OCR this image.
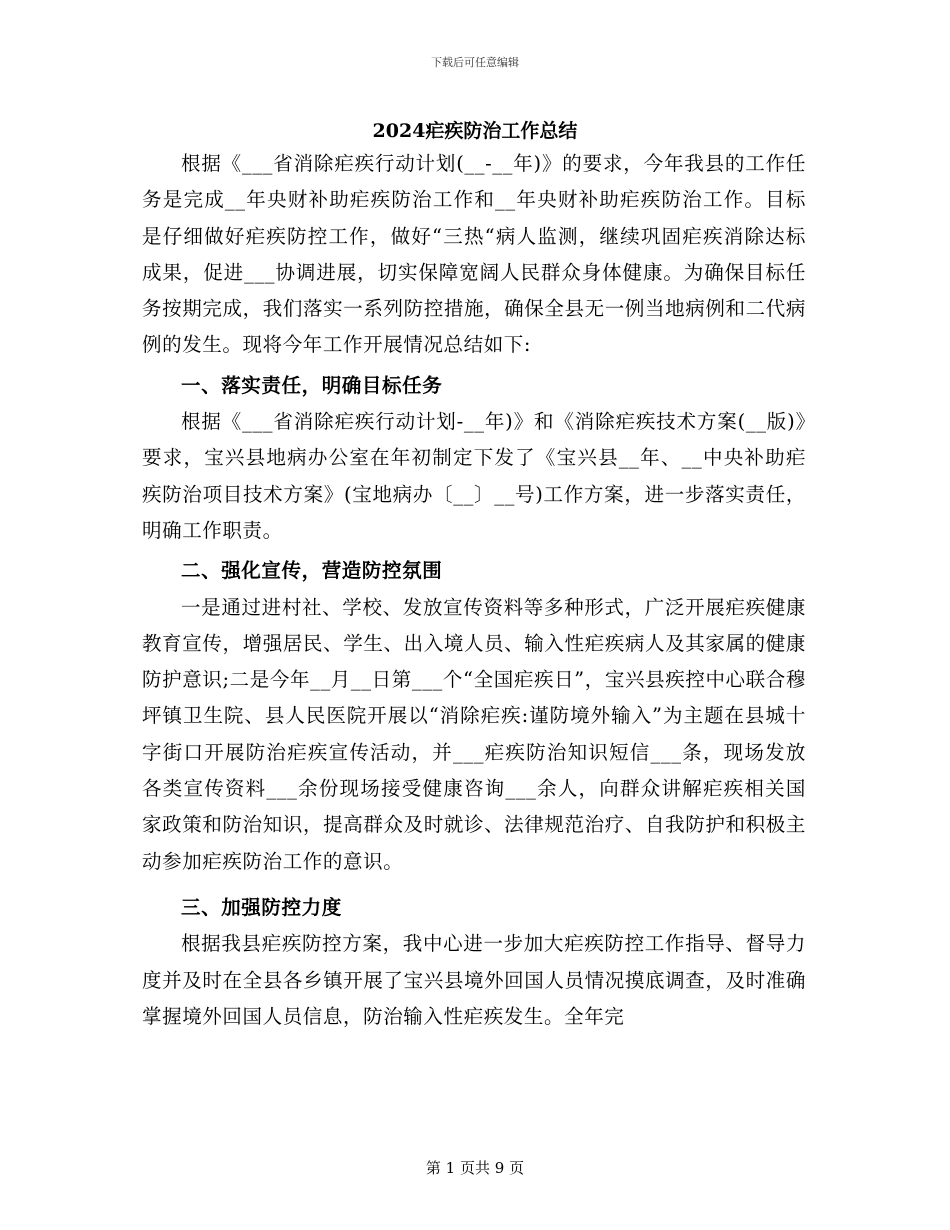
下载后可任意编辑
2024疟疾防治工作总结

根据《___省消除疟疾行动计划(__-__年)》的要求，今年我县的工作任务是完成__年央财补助疟疾防治工作和__年央财补助疟疾防治工作。目标是仔细做好疟疾防控工作，做好“三热“病人监测，继续巩固疟疾消除达标成果，促进___协调进展，切实保障宽阔人民群众身体健康。为确保目标任务按期完成，我们落实一系列防控措施，确保全县无一例当地病例和二代病例的发生。现将今年工作开展情况总结如下:

一、落实责任，明确目标任务

根据《___省消除疟疾行动计划-__年)》和《消除疟疾技术方案(__版)》要求，宝兴县地病办公室在年初制定下发了《宝兴县__年、__中央补助疟疾防治项目技术方案》(宝地病办〔__〕__号)工作方案，进一步落实责任，明确工作职责。

二、强化宣传，营造防控氛围

一是通过进村社、学校、发放宣传资料等多种形式，广泛开展疟疾健康教育宣传，增强居民、学生、出入境人员、输入性疟疾病人及其家属的健康防护意识;二是今年__月__日第___个“全国疟疾日”，宝兴县疾控中心联合穆坪镇卫生院、县人民医院开展以“消除疟疾:谨防境外输入”为主题在县城十字街口开展防治疟疾宣传活动，并___疟疾防治知识短信___条，现场发放各类宣传资料___余份现场接受健康咨询___余人，向群众讲解疟疾相关国家政策和防治知识，提高群众及时就诊、法律规范治疗、自我防护和积极主动参加疟疾防治工作的意识。

三、加强防控力度

根据我县疟疾防控方案，我中心进一步加大疟疾防控工作指导、督导力度并及时在全县各乡镇开展了宝兴县境外回国人员情况摸底调查，及时准确掌握境外回国人员信息，防治输入性疟疾发生。全年完

第 1 页共 9 页
